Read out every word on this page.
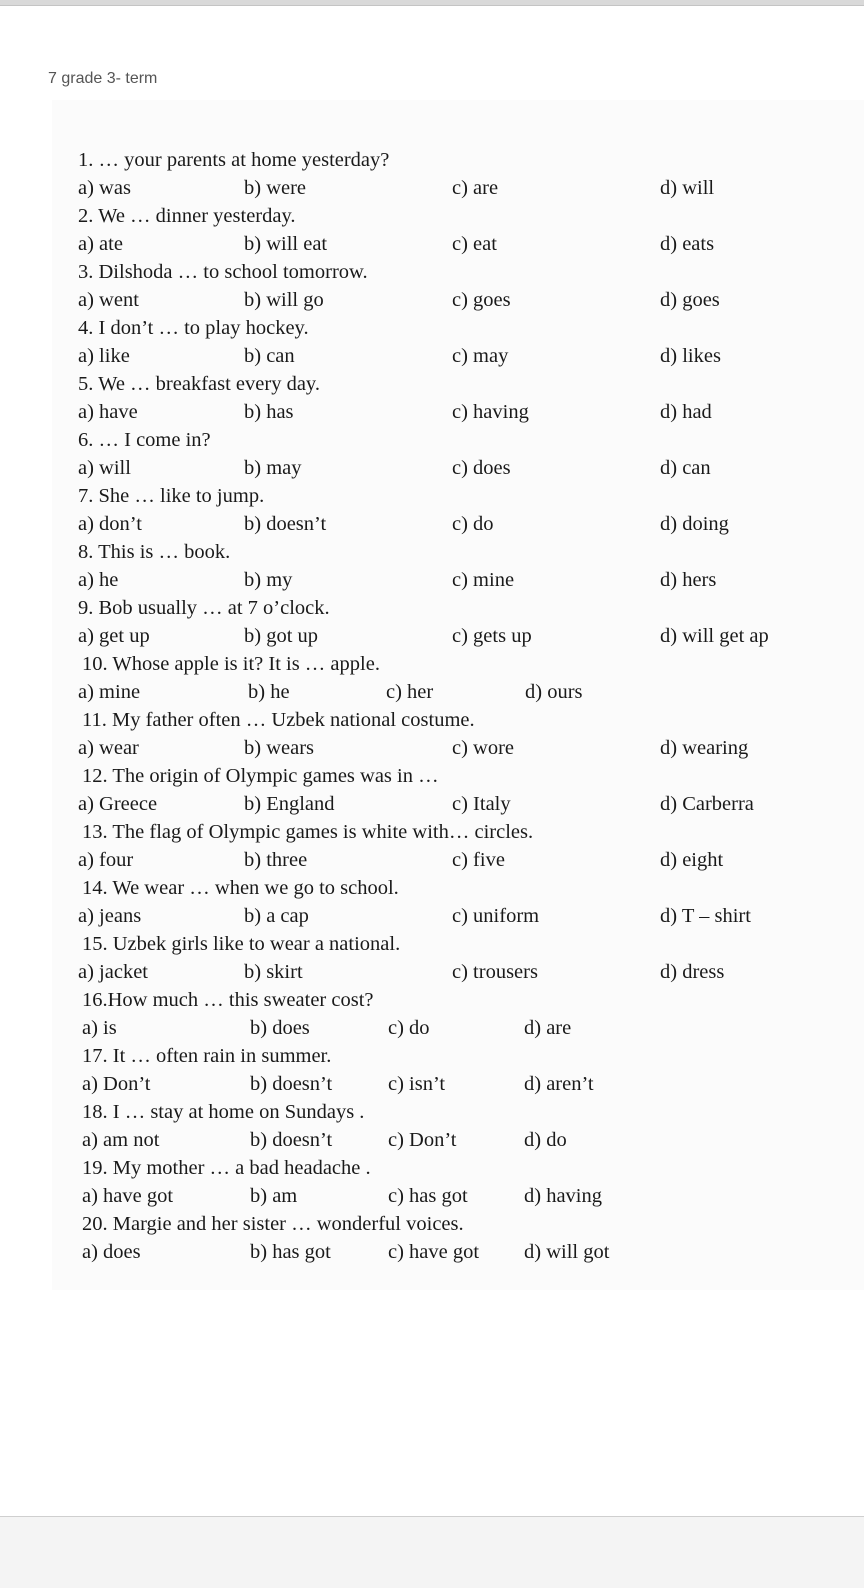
7 grade 3- term
1. … your parents at home yesterday?
a) was	b) were	c) are	d) will
2. We … dinner yesterday.
a) ate	b) will eat	c) eat	d) eats
3. Dilshoda … to school tomorrow.
a) went	b) will go	c) goes	d) goes
4. I don’t … to play hockey.
a) like	b) can	c) may	d) likes
5. We … breakfast every day.
a) have	b) has	c) having	d) had
6. … I come in?
a) will	b) may	c) does	d) can
7. She … like to jump.
a) don’t	b) doesn’t	c) do	d) doing
8. This is … book.
a) he	b) my	c) mine	d) hers
9. Bob usually … at 7 o’clock.
a) get up	b) got up	c) gets up	d) will get ap
10. Whose apple is it? It is … apple.
a) mine	b) he	c) her	d) ours
11. My father often … Uzbek national costume.
a) wear	b) wears	c) wore	d) wearing
12. The origin of Olympic games was in …
a) Greece	b) England	c) Italy	d) Carberra
13. The flag of Olympic games is white with… circles.
a) four	b) three	c) five	d) eight
14. We wear … when we go to school.
a) jeans	b) a cap	c) uniform	d) T – shirt
15. Uzbek girls like to wear a national.
a) jacket	b) skirt	c) trousers	d) dress
16.How much … this sweater cost?
a) is	b) does	c) do	d) are
17. It … often rain in summer.
a) Don’t	b) doesn’t	c) isn’t	d) aren’t
18. I … stay at home on Sundays .
a) am not	b) doesn’t	c) Don’t	d) do
19. My mother … a bad headache .
a) have got	b) am	c) has got	d) having
20. Margie and her sister … wonderful voices.
a) does	b) has got	c) have got d) will got
